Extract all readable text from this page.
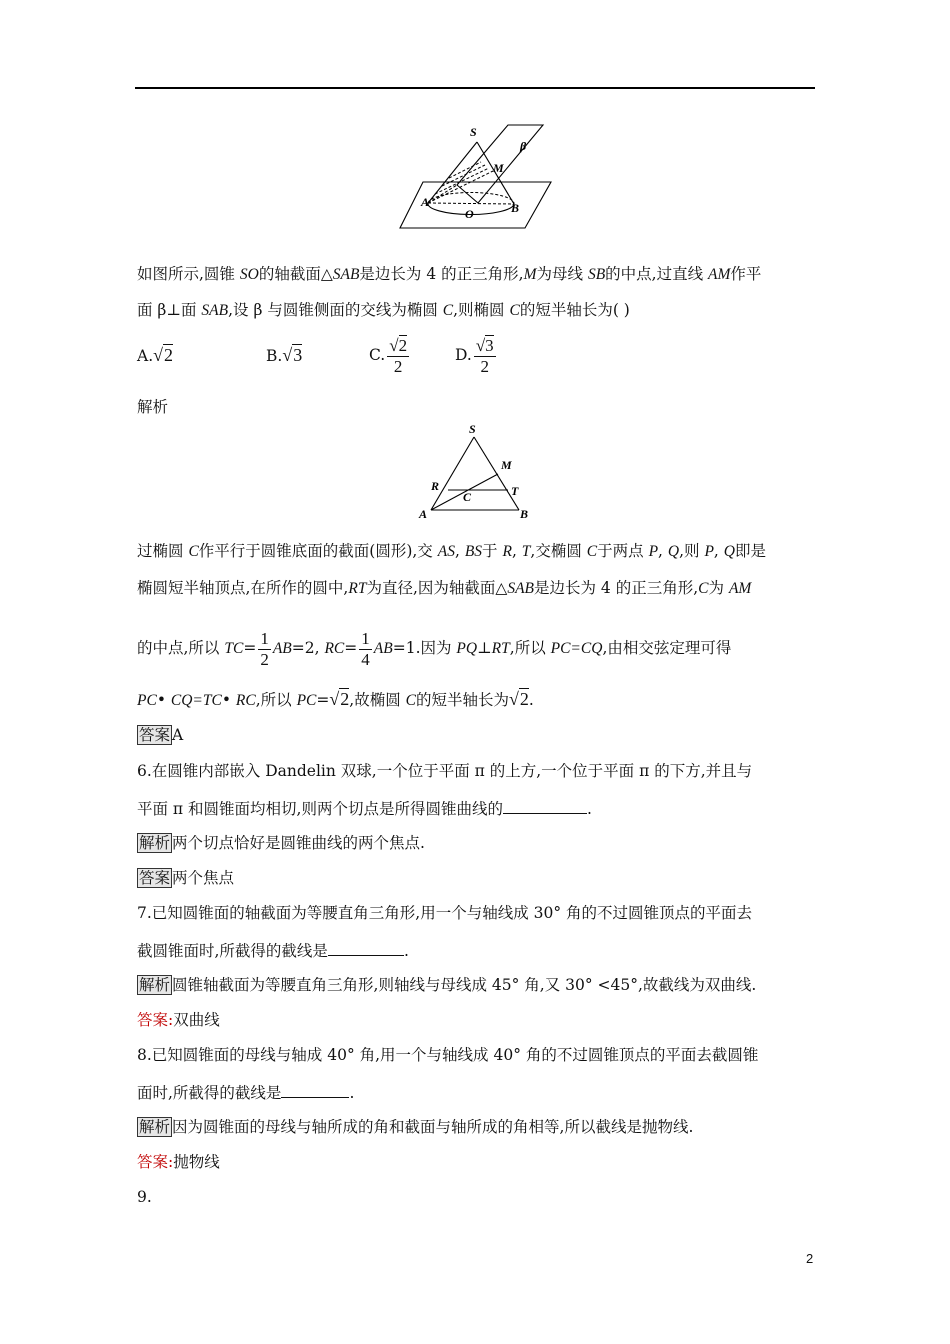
S
M
β
A	B
O
如图所示,圆锥 SO的轴截面△SAB是边长为 4 的正三角形,M为母线 SB的中点,过直线 AM作平
面 β⊥面 SAB,设 β 与圆锥侧面的交线为椭圆 C,则椭圆 C的短半轴长为( )
A.√2	B.√3	C. $\frac{√2}{2}$	D. $\frac{√3}{2}$
解析
S
M
R
C	T
A	B
过椭圆 C作平行于圆锥底面的截面(圆形),交 AS, BS于 R, T,交椭圆 C于两点 P, Q,则 P, Q即是
椭圆短半轴顶点,在所作的圆中,RT为直径,因为轴截面△SAB是边长为 4 的正三角形,C为 AM
的中点,所以 $TC= \frac{1}{2} AB=2$, $RC= \frac{1}{4} AB=1$.因为 PQ⊥RT,所以 PC=CQ,由相交弦定理可得
PC• CQ=TC• RC,所以 PC=√2,故椭圆 C的短半轴长为√2.
答案 A
6.在圆锥内部嵌入 Dandelin 双球,一个位于平面 π 的上方,一个位于平面 π 的下方,并且与
平面 π 和圆锥面均相切,则两个切点是所得圆锥曲线的	.
解析 两个切点恰好是圆锥曲线的两个焦点.
答案 两个焦点
7.已知圆锥面的轴截面为等腰直角三角形,用一个与轴线成 30° 角的不过圆锥顶点的平面去
截圆锥面时,所截得的截线是	.
解析 圆锥轴截面为等腰直角三角形,则轴线与母线成 45° 角,又 30° <45°,故截线为双曲线.
答案:双曲线
8.已知圆锥面的母线与轴成 40° 角,用一个与轴线成 40° 角的不过圆锥顶点的平面去截圆锥
面时,所截得的截线是	.
解析 因为圆锥面的母线与轴所成的角和截面与轴所成的角相等,所以截线是抛物线.
答案:抛物线
9.
2
